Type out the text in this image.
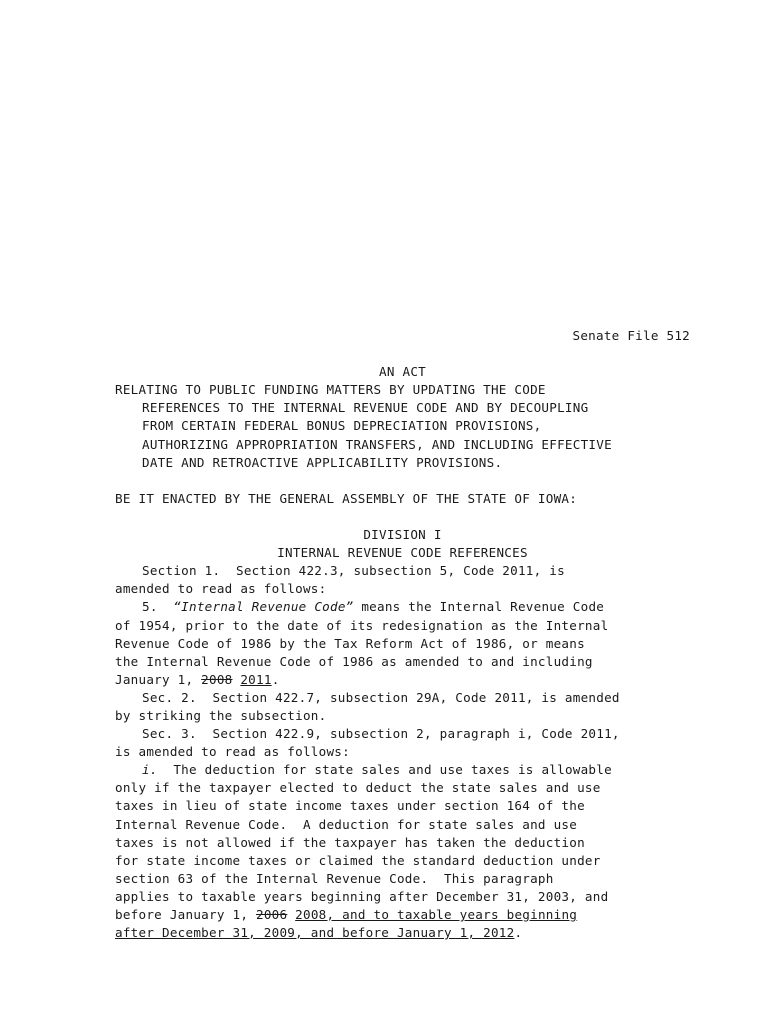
Senate File 512
AN ACT
RELATING TO PUBLIC FUNDING MATTERS BY UPDATING THE CODE
REFERENCES TO THE INTERNAL REVENUE CODE AND BY DECOUPLING
FROM CERTAIN FEDERAL BONUS DEPRECIATION PROVISIONS,
AUTHORIZING APPROPRIATION TRANSFERS, AND INCLUDING EFFECTIVE
DATE AND RETROACTIVE APPLICABILITY PROVISIONS.
BE IT ENACTED BY THE GENERAL ASSEMBLY OF THE STATE OF IOWA:
DIVISION I
INTERNAL REVENUE CODE REFERENCES
Section 1.  Section 422.3, subsection 5, Code 2011, is
amended to read as follows:
5.  “Internal Revenue Code” means the Internal Revenue Code
of 1954, prior to the date of its redesignation as the Internal
Revenue Code of 1986 by the Tax Reform Act of 1986, or means
the Internal Revenue Code of 1986 as amended to and including
January 1, 2008 2011.
Sec. 2.  Section 422.7, subsection 29A, Code 2011, is amended
by striking the subsection.
Sec. 3.  Section 422.9, subsection 2, paragraph i, Code 2011,
is amended to read as follows:
i.  The deduction for state sales and use taxes is allowable
only if the taxpayer elected to deduct the state sales and use
taxes in lieu of state income taxes under section 164 of the
Internal Revenue Code.  A deduction for state sales and use
taxes is not allowed if the taxpayer has taken the deduction
for state income taxes or claimed the standard deduction under
section 63 of the Internal Revenue Code.  This paragraph
applies to taxable years beginning after December 31, 2003, and
before January 1, 2006 2008, and to taxable years beginning
after December 31, 2009, and before January 1, 2012.
